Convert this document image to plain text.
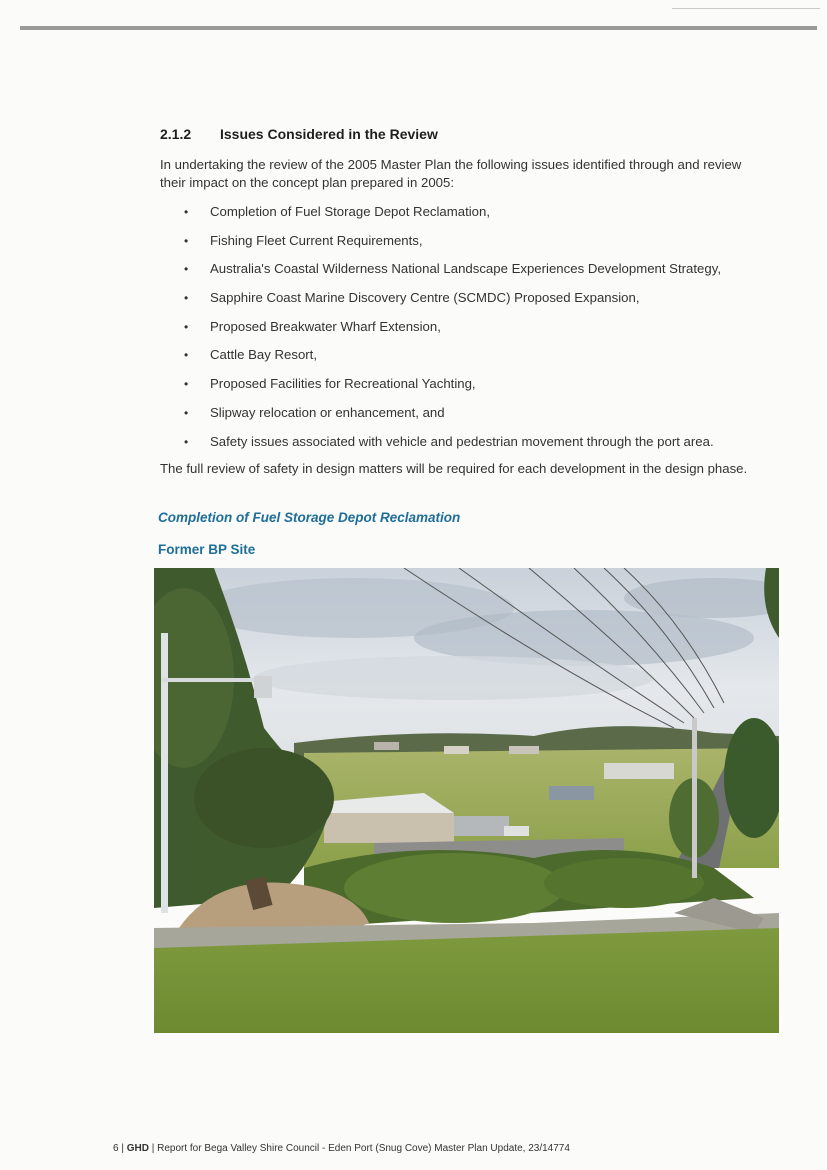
2.1.2 Issues Considered in the Review
In undertaking the review of the 2005 Master Plan the following issues identified through and review their impact on the concept plan prepared in 2005:
• Completion of Fuel Storage Depot Reclamation,
• Fishing Fleet Current Requirements,
• Australia's Coastal Wilderness National Landscape Experiences Development Strategy,
• Sapphire Coast Marine Discovery Centre (SCMDC) Proposed Expansion,
• Proposed Breakwater Wharf Extension,
• Cattle Bay Resort,
• Proposed Facilities for Recreational Yachting,
• Slipway relocation or enhancement, and
• Safety issues associated with vehicle and pedestrian movement through the port area.
The full review of safety in design matters will be required for each development in the design phase.
Completion of Fuel Storage Depot Reclamation
Former BP Site
6 | GHD | Report for Bega Valley Shire Council - Eden Port (Snug Cove) Master Plan Update, 23/14774
